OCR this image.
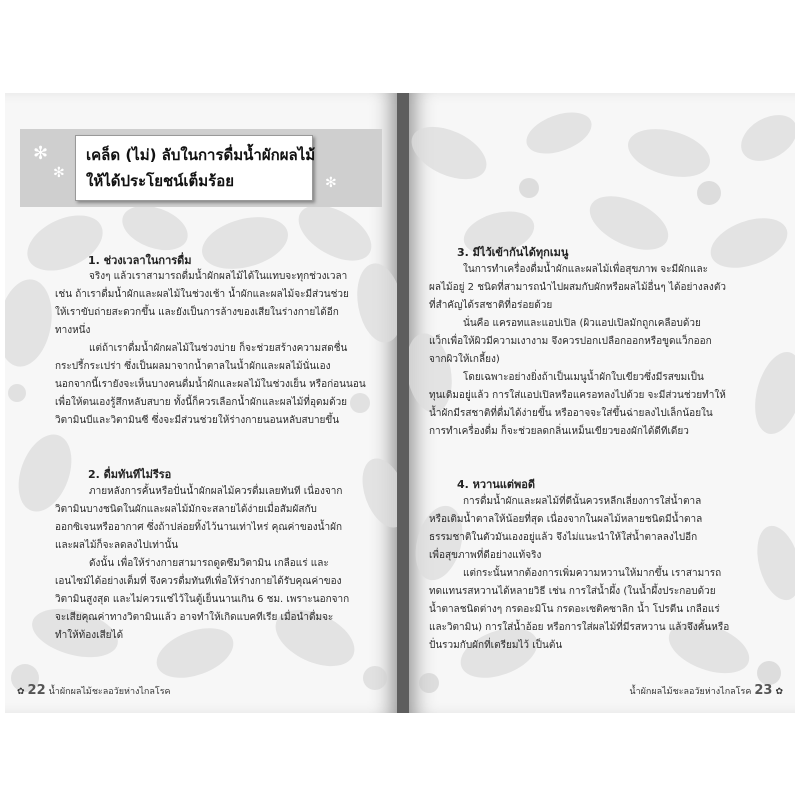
✻
✻
✻
เคล็ด (ไม่) ลับในการดื่มน้ำผักผลไม้
ให้ได้ประโยชน์เต็มร้อย
1. ช่วงเวลาในการดื่ม

จริงๆ แล้วเราสามารถดื่มน้ำผักผลไม้ได้ในแทบจะทุกช่วงเวลา

เช่น ถ้าเราดื่มน้ำผักและผลไม้ในช่วงเช้า น้ำผักและผลไม้จะมีส่วนช่วย

ให้เราขับถ่ายสะดวกขึ้น และยังเป็นการล้างของเสียในร่างกายได้อีก

ทางหนึ่ง

แต่ถ้าเราดื่มน้ำผักผลไม้ในช่วงบ่าย ก็จะช่วยสร้างความสดชื่น

กระปรี้กระเปร่า ซึ่งเป็นผลมาจากน้ำตาลในน้ำผักและผลไม้นั่นเอง

นอกจากนี้เรายังจะเห็นบางคนดื่มน้ำผักและผลไม้ในช่วงเย็น หรือก่อนนอน

เพื่อให้ตนเองรู้สึกหลับสบาย ทั้งนี้ก็ควรเลือกน้ำผักและผลไม้ที่อุดมด้วย

วิตามินบีและวิตามินซี ซึ่งจะมีส่วนช่วยให้ร่างกายนอนหลับสบายขึ้น

2. ดื่มทันทีไม่รีรอ

ภายหลังการคั้นหรือปั่นน้ำผักผลไม้ควรดื่มเลยทันที เนื่องจาก

วิตามินบางชนิดในผักและผลไม้มักจะสลายได้ง่ายเมื่อสัมผัสกับ

ออกซิเจนหรืออากาศ ซึ่งถ้าปล่อยทิ้งไว้นานเท่าไหร่ คุณค่าของน้ำผัก

และผลไม้ก็จะลดลงไปเท่านั้น

ดังนั้น เพื่อให้ร่างกายสามารถดูดซึมวิตามิน เกลือแร่ และ

เอนไซม์ได้อย่างเต็มที่ จึงควรดื่มทันทีเพื่อให้ร่างกายได้รับคุณค่าของ

วิตามินสูงสุด และไม่ควรแช่ไว้ในตู้เย็นนานเกิน 6 ชม. เพราะนอกจาก

จะเสียคุณค่าทางวิตามินแล้ว อาจทำให้เกิดแบคทีเรีย เมื่อนำดื่มจะ

ทำให้ท้องเสียได้

✿ 22 น้ำผักผลไม้ชะลอวัยห่างไกลโรค
3. มีไว้เข้ากันได้ทุกเมนู

ในการทำเครื่องดื่มน้ำผักและผลไม้เพื่อสุขภาพ จะมีผักและ

ผลไม้อยู่ 2 ชนิดที่สามารถนำไปผสมกับผักหรือผลไม้อื่นๆ ได้อย่างลงตัว

ที่สำคัญได้รสชาติที่อร่อยด้วย

นั่นคือ แครอทและแอปเปิล (ผิวแอปเปิลมักถูกเคลือบด้วย

แว็กเพื่อให้ผิวมีความเงางาม จึงควรปอกเปลือกออกหรือขูดแว็กออก

จากผิวให้เกลี้ยง)

โดยเฉพาะอย่างยิ่งถ้าเป็นเมนูน้ำผักใบเขียวซึ่งมีรสขมเป็น

ทุนเดิมอยู่แล้ว การใส่แอปเปิลหรือแครอทลงไปด้วย จะมีส่วนช่วยทำให้

น้ำผักมีรสชาติที่ดื่มได้ง่ายขึ้น หรืออาจจะใส่ขึ้นฉ่ายลงไปเล็กน้อยใน

การทำเครื่องดื่ม ก็จะช่วยลดกลิ่นเหม็นเขียวของผักได้ดีทีเดียว

4. หวานแต่พอดี

การดื่มน้ำผักและผลไม้ที่ดีนั้นควรหลีกเลี่ยงการใส่น้ำตาล

หรือเติมน้ำตาลให้น้อยที่สุด เนื่องจากในผลไม้หลายชนิดมีน้ำตาล

ธรรมชาติในตัวมันเองอยู่แล้ว จึงไม่แนะนำให้ใส่น้ำตาลลงไปอีก

เพื่อสุขภาพที่ดีอย่างแท้จริง

แต่กระนั้นหากต้องการเพิ่มความหวานให้มากขึ้น เราสามารถ

ทดแทนรสหวานได้หลายวิธี เช่น การใส่น้ำผึ้ง (ในน้ำผึ้งประกอบด้วย

น้ำตาลชนิดต่างๆ กรดอะมิโน กรดอะเซติคซาลิก น้ำ โปรตีน เกลือแร่

และวิตามิน) การใส่น้ำอ้อย หรือการใส่ผลไม้ที่มีรสหวาน แล้วจึงคั้นหรือ

ปั่นรวมกับผักที่เตรียมไว้ เป็นต้น

น้ำผักผลไม้ชะลอวัยห่างไกลโรค 23 ✿
